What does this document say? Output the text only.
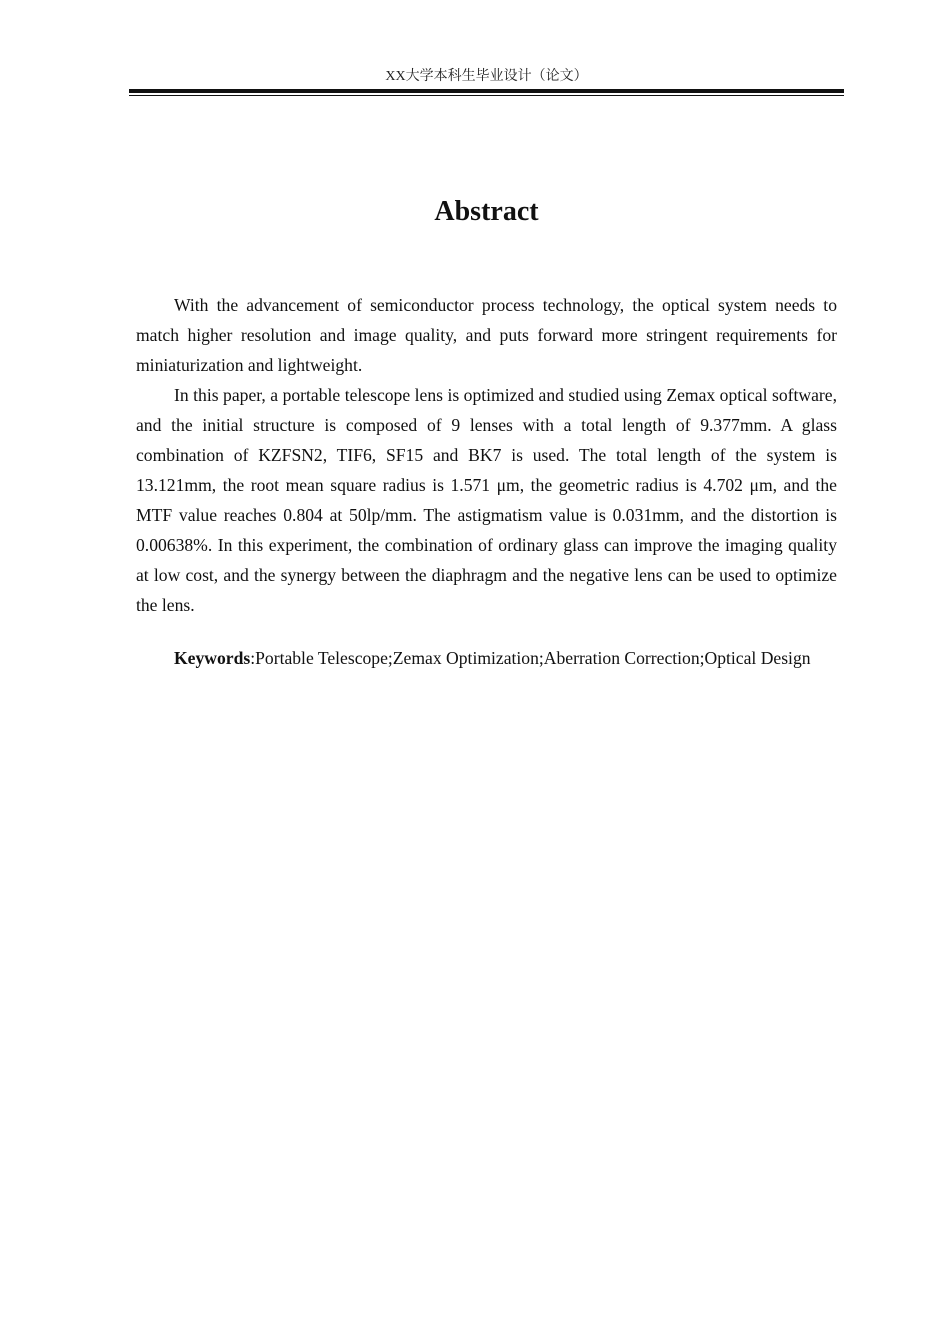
XX大学本科生毕业设计（论文）
Abstract

With the advancement of semiconductor process technology, the optical system needs to match higher resolution and image quality, and puts forward more stringent requirements for miniaturization and lightweight.

In this paper, a portable telescope lens is optimized and studied using Zemax optical software, and the initial structure is composed of 9 lenses with a total length of 9.377mm. A glass combination of KZFSN2, TIF6, SF15 and BK7 is used. The total length of the system is 13.121mm, the root mean square radius is 1.571 μm, the geometric radius is 4.702 μm, and the MTF value reaches 0.804 at 50lp/mm. The astigmatism value is 0.031mm, and the distortion is 0.00638%. In this experiment, the combination of ordinary glass can improve the imaging quality at low cost, and the synergy between the diaphragm and the negative lens can be used to optimize the lens.

Keywords:Portable Telescope;Zemax Optimization;Aberration Correction;Optical Design
